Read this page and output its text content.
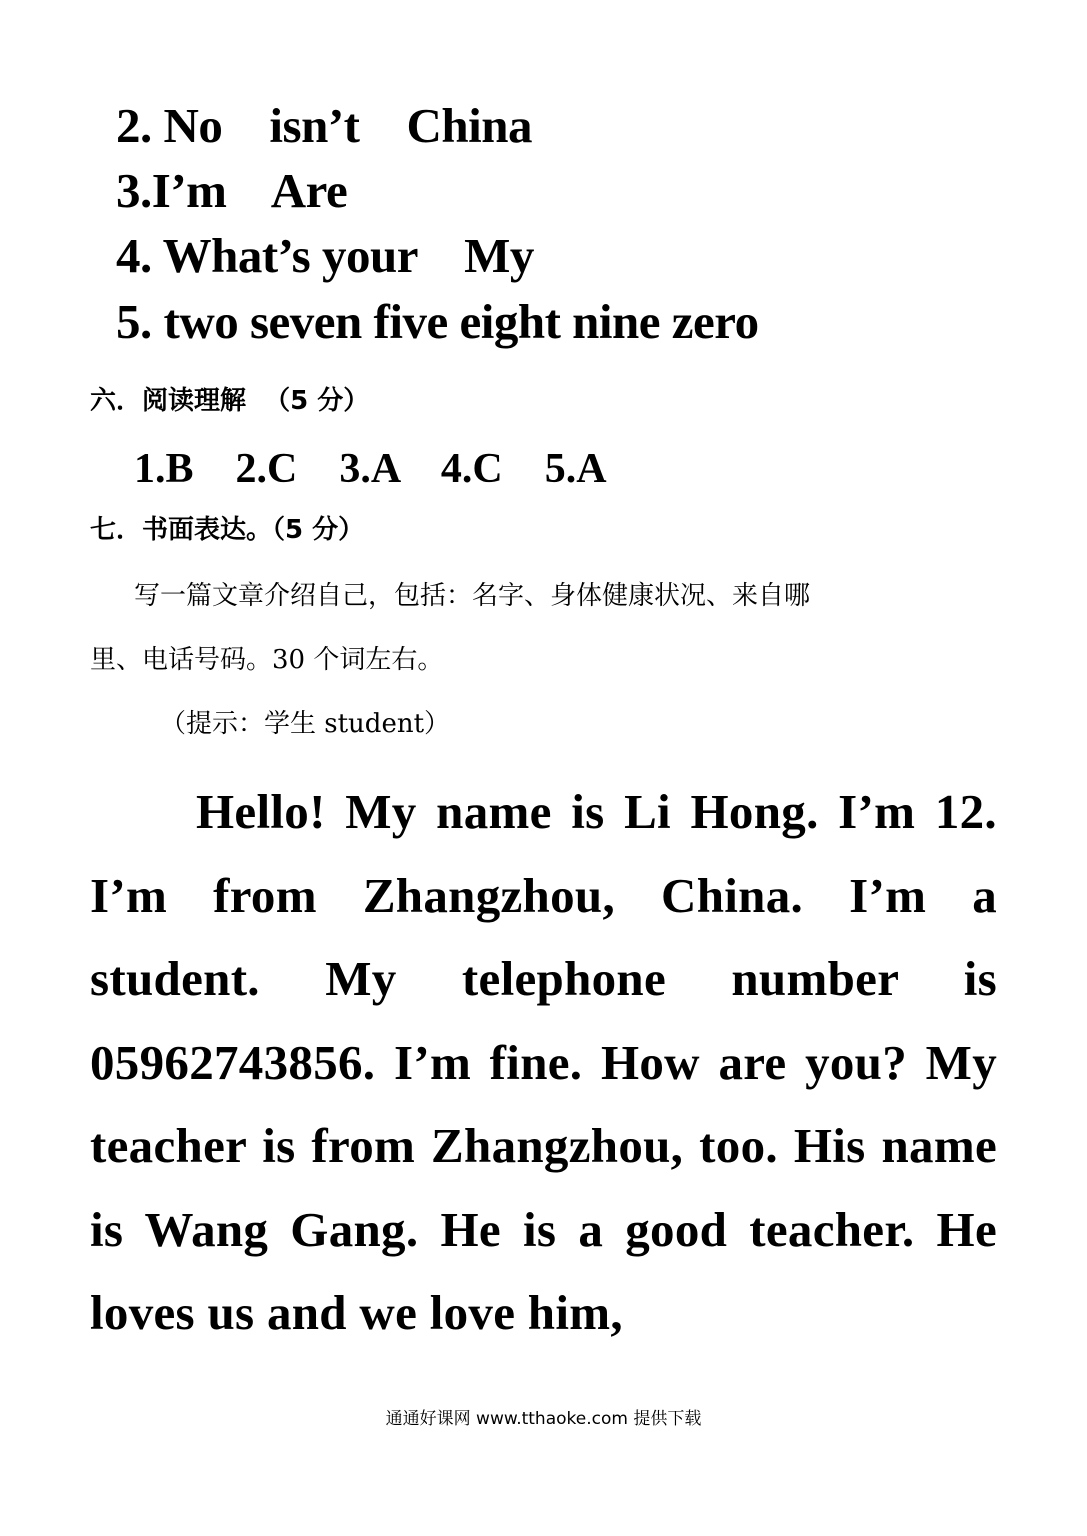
2. No    isn’t    China
3.I’m    Are
4. What’s your    My
5. two seven five eight nine zero
六．阅读理解  （5 分）
1.B    2.C    3.A    4.C    5.A
七．书面表达。（5 分）
写一篇文章介绍自己，包括：名字、身体健康状况、来自哪
里、电话号码。30 个词左右。
（提示：学生 student）
Hello! My name is Li Hong. I’m 12. I’m from Zhangzhou, China. I’m a student. My telephone number is 05962743856. I’m fine. How are you? My teacher is from Zhangzhou, too. His name is Wang Gang. He is a good teacher. He loves us and we love him,
通通好课网 www.tthaoke.com 提供下载
